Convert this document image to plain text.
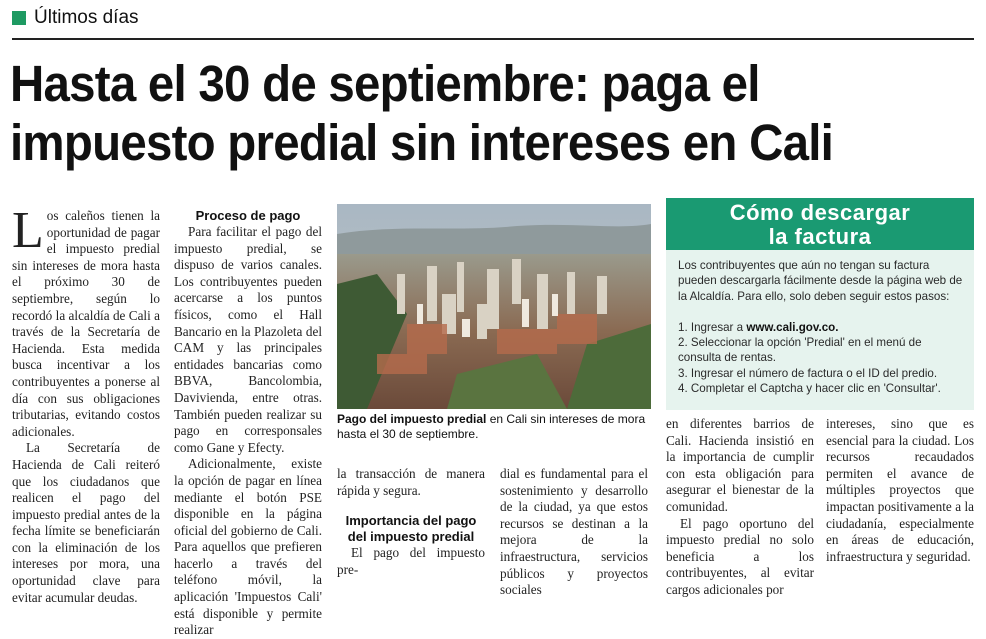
Últimos días
Hasta el 30 de septiembre: paga el
impuesto predial sin intereses en Cali

Los caleños tienen la oportunidad de pagar el impuesto predial sin intereses de mora hasta el próximo 30 de septiembre, según lo recordó la alcaldía de Cali a través de la Secretaría de Hacienda. Esta medida busca incentivar a los contribuyentes a ponerse al día con sus obligaciones tributarias, evitando costos adicionales.

La Secretaría de Hacienda de Cali reiteró que los ciudadanos que realicen el pago del impuesto predial antes de la fecha límite se beneficiarán con la eliminación de los intereses por mora, una oportunidad clave para evitar acumular deudas.

Proceso de pago

Para facilitar el pago del impuesto predial, se dispuso de varios canales. Los contribuyentes pueden acercarse a los puntos físicos, como el Hall Bancario en la Plazoleta del CAM y las principales entidades bancarias como BBVA, Bancolombia, Davivienda, entre otras. También pueden realizar su pago en corresponsales como Gane y Efecty.

Adicionalmente, existe la opción de pagar en línea mediante el botón PSE disponible en la página oficial del gobierno de Cali. Para aquellos que prefieren hacerlo a través del teléfono móvil, la aplicación 'Impuestos Cali' está disponible y permite realizar

Pago del impuesto predial en Cali sin intereses de mora hasta el 30 de septiembre.

la transacción de manera rápida y segura.

Importancia del pago del impuesto predial

El pago del impuesto pre-

dial es fundamental para el sostenimiento y desarrollo de la ciudad, ya que estos recursos se destinan a la mejora de la infraestructura, servicios públicos y proyectos sociales

Cómo descargar
la factura

Los contribuyentes que aún no tengan su factura pueden descargarla fácilmente desde la página web de la Alcaldía. Para ello, solo deben seguir estos pasos:

1. Ingresar a www.cali.gov.co.

2. Seleccionar la opción 'Predial' en el menú de consulta de rentas.

3. Ingresar el número de factura o el ID del predio.

4. Completar el Captcha y hacer clic en 'Consultar'.

en diferentes barrios de Cali. Hacienda insistió en la importancia de cumplir con esta obligación para asegurar el bienestar de la comunidad.

El pago oportuno del impuesto predial no solo beneficia a los contribuyentes, al evitar cargos adicionales por

intereses, sino que es esencial para la ciudad. Los recursos recaudados permiten el avance de múltiples proyectos que impactan positivamente a la ciudadanía, especialmente en áreas de educación, infraestructura y seguridad.
